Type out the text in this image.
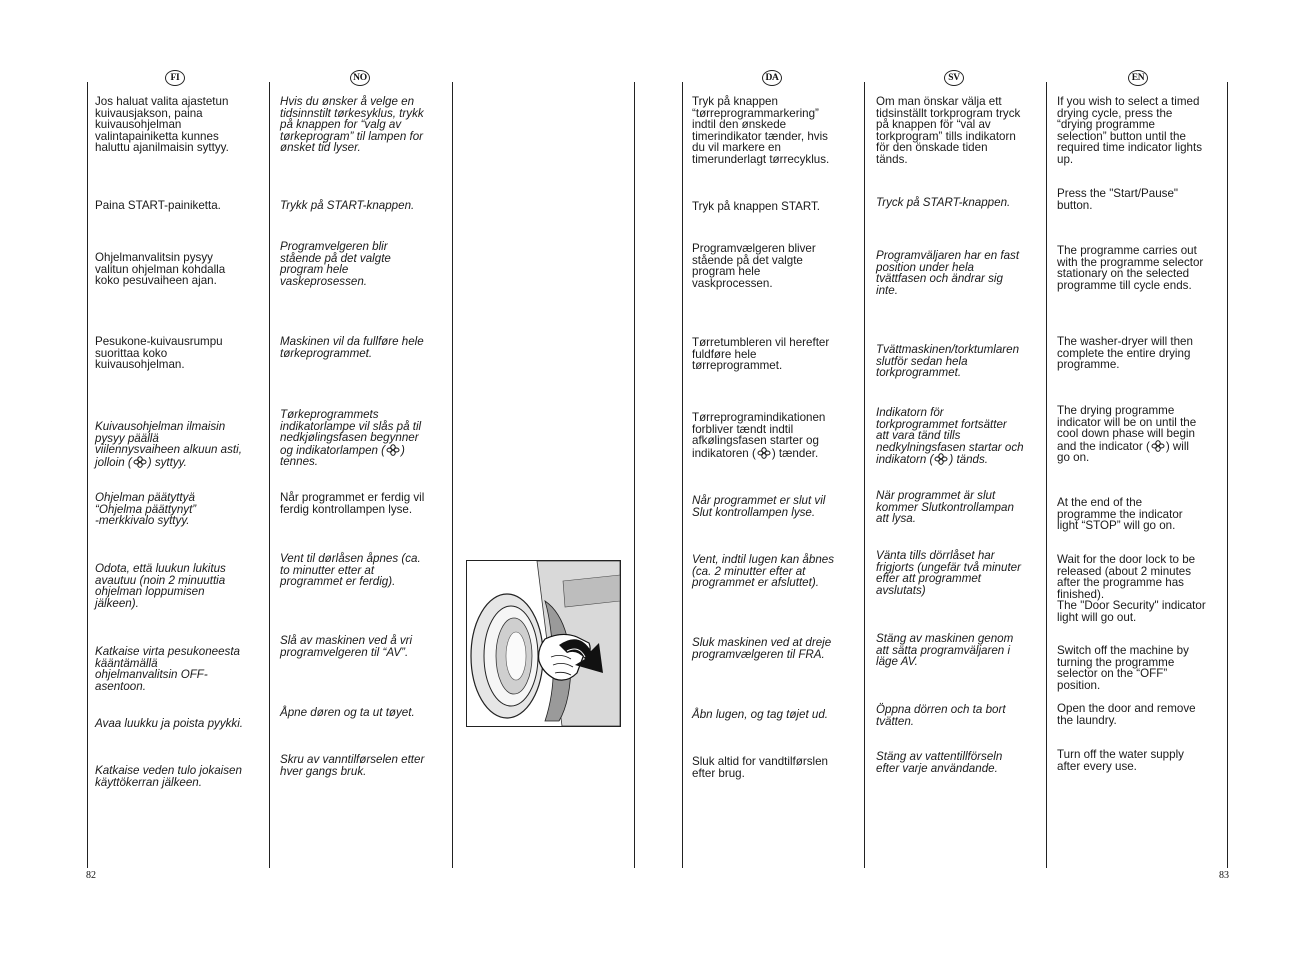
FI	NO	DA	SV	EN
Jos haluat valita ajastetun
kuivausjakson, paina
kuivausohjelman
valintapainiketta kunnes
haluttu ajanilmaisin syttyy.
Paina START-painiketta.
Ohjelmanvalitsin pysyy
valitun ohjelman kohdalla
koko pesuvaiheen ajan.
Pesukone-kuivausrumpu
suorittaa koko
kuivausohjelman.
Kuivausohjelman ilmaisin
pysyy päällä
viilennysvaiheen alkuun asti,
jolloin ( ) syttyy.
Ohjelman päätyttyä
“Ohjelma päättynyt”
-merkkivalo syttyy.
Odota, että luukun lukitus
avautuu (noin 2 minuuttia
ohjelman loppumisen
jälkeen).
Katkaise virta pesukoneesta
kääntämällä
ohjelmanvalitsin OFF-
asentoon.
Avaa luukku ja poista pyykki.
Katkaise veden tulo jokaisen
käyttökerran jälkeen.
Hvis du ønsker å velge en
tidsinnstilt tørkesyklus, trykk
på knappen for “valg av
tørkeprogram” til lampen for
ønsket tid lyser.
Trykk på START-knappen.
Programvelgeren blir
stående på det valgte
program hele
vaskeprosessen.
Maskinen vil da fullføre hele
tørkeprogrammet.
Tørkeprogrammets
indikatorlampe vil slås på til
nedkjølingsfasen begynner
og indikatorlampen ( )
tennes.
Når programmet er ferdig vil
ferdig kontrollampen lyse.
Vent til dørlåsen åpnes (ca.
to minutter etter at
programmet er ferdig).
Slå av maskinen ved å vri
programvelgeren til “AV”.
Åpne døren og ta ut tøyet.
Skru av vanntilførselen etter
hver gangs bruk.
Tryk på knappen
“tørreprogrammarkering”
indtil den ønskede
timerindikator tænder, hvis
du vil markere en
timerunderlagt tørrecyklus.
Tryk på knappen START.
Programvælgeren bliver
stående på det valgte
program hele
vaskprocessen.
Tørretumbleren vil herefter
fuldføre hele
tørreprogrammet.
Tørreprogramindikationen
forbliver tændt indtil
afkølingsfasen starter og
indikatoren ( ) tænder.
Når programmet er slut vil
Slut kontrollampen lyse.
Vent, indtil lugen kan åbnes
(ca. 2 minutter efter at
programmet er afsluttet).
Sluk maskinen ved at dreje
programvælgeren til FRA.
Åbn lugen, og tag tøjet ud.
Sluk altid for vandtilførslen
efter brug.
Om man önskar välja ett
tidsinställt torkprogram tryck
på knappen för “val av
torkprogram” tills indikatorn
för den önskade tiden
tänds.
Tryck på START-knappen.
Programväljaren har en fast
position under hela
tvättfasen och ändrar sig
inte.
Tvättmaskinen/torktumlaren
slutför sedan hela
torkprogrammet.
Indikatorn för
torkprogrammet fortsätter
att vara tänd tills
nedkylningsfasen startar och
indikatorn ( ) tänds.
När programmet är slut
kommer Slutkontrollampan
att lysa.
Vänta tills dörrlåset har
frigjorts (ungefär två minuter
efter att programmet
avslutats)
Stäng av maskinen genom
att sätta programväljaren i
läge AV.
Öppna dörren och ta bort
tvätten.
Stäng av vattentillförseln
efter varje användande.
If you wish to select a timed
drying cycle, press the
“drying programme
selection” button until the
required time indicator lights
up.
Press the "Start/Pause"
button.
The programme carries out
with the programme selector
stationary on the selected
programme till cycle ends.
The washer-dryer will then
complete the entire drying
programme.
The drying programme
indicator will be on until the
cool down phase will begin
and the indicator ( ) will
go on.
At the end of the
programme the indicator
light “STOP” will go on.
Wait for the door lock to be
released (about 2 minutes
after the programme has
finished).
The "Door Security" indicator
light will go out.
Switch off the machine by
turning the programme
selector on the “OFF”
position.
Open the door and remove
the laundry.
Turn off the water supply
after every use.
82	83
